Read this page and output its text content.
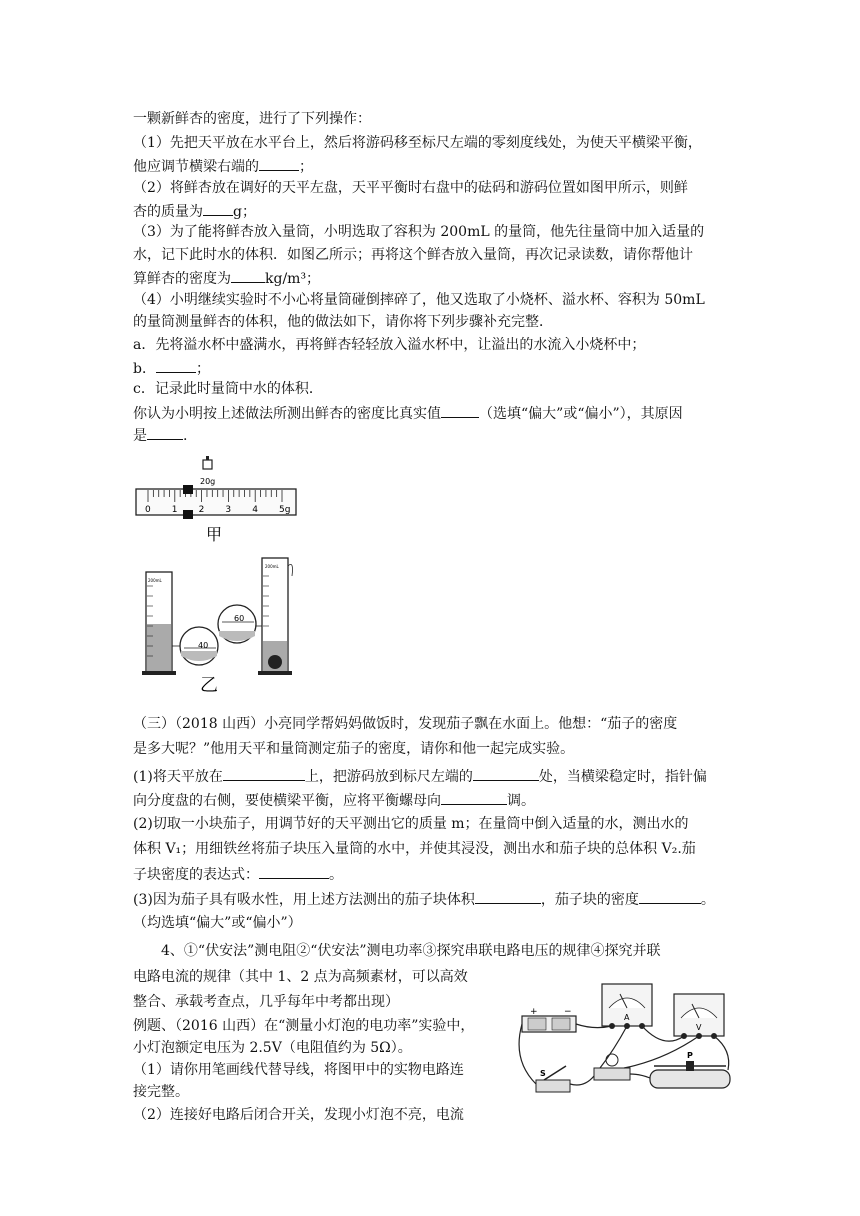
一颗新鲜杏的密度，进行了下列操作：
（1）先把天平放在水平台上，然后将游码移至标尺左端的零刻度线处，为使天平横梁平衡，
他应调节横梁右端的	；
（2）将鲜杏放在调好的天平左盘，天平平衡时右盘中的砝码和游码位置如图甲所示，则鲜
杏的质量为 g；
（3）为了能将鲜杏放入量筒，小明选取了容积为 200mL 的量筒，他先往量筒中加入适量的
水，记下此时水的体积．如图乙所示；再将这个鲜杏放入量筒，再次记录读数，请你帮他计
算鲜杏的密度为 kg/m³；
（4）小明继续实验时不小心将量筒碰倒摔碎了，他又选取了小烧杯、溢水杯、容积为 50mL
的量筒测量鲜杏的体积，他的做法如下，请你将下列步骤补充完整．
a．先将溢水杯中盛满水，再将鲜杏轻轻放入溢水杯中，让溢出的水流入小烧杯中；
b．	；
c．记录此时量筒中水的体积．
你认为小明按上述做法所测出鲜杏的密度比真实值	（选填“偏大”或“偏小”），其原因
是	.
20g
0 1 2 3 4 5g
甲
200mL
40
乙
200mL
60
（三）（2018 山西）小亮同学帮妈妈做饭时，发现茄子飘在水面上。他想：“茄子的密度
是多大呢？”他用天平和量筒测定茄子的密度，请你和他一起完成实验。
(1)将天平放在	上，把游码放到标尺左端的	处，当横梁稳定时，指针偏
向分度盘的右侧，要使横梁平衡，应将平衡螺母向	调。
(2)切取一小块茄子，用调节好的天平测出它的质量 m；在量筒中倒入适量的水，测出水的
体积 V₁；用细铁丝将茄子块压入量筒的水中，并使其浸没，测出水和茄子块的总体积 V₂.茄
子块密度的表达式：	。
(3)因为茄子具有吸水性，用上述方法测出的茄子块体积	，茄子块的密度	。
（均选填“偏大”或“偏小”）
4、①“伏安法”测电阻②“伏安法”测电功率③探究串联电路电压的规律④探究并联
电路电流的规律（其中 1、2 点为高频素材，可以高效
整合、承载考查点，几乎每年中考都出现）
例题、（2016 山西）在“测量小灯泡的电功率”实验中，
小灯泡额定电压为 2.5V（电阻值约为 5Ω）。
（1）请你用笔画线代替导线，将图甲中的实物电路连
接完整。
（2）连接好电路后闭合开关，发现小灯泡不亮，电流
+	−
A
V
S
P
